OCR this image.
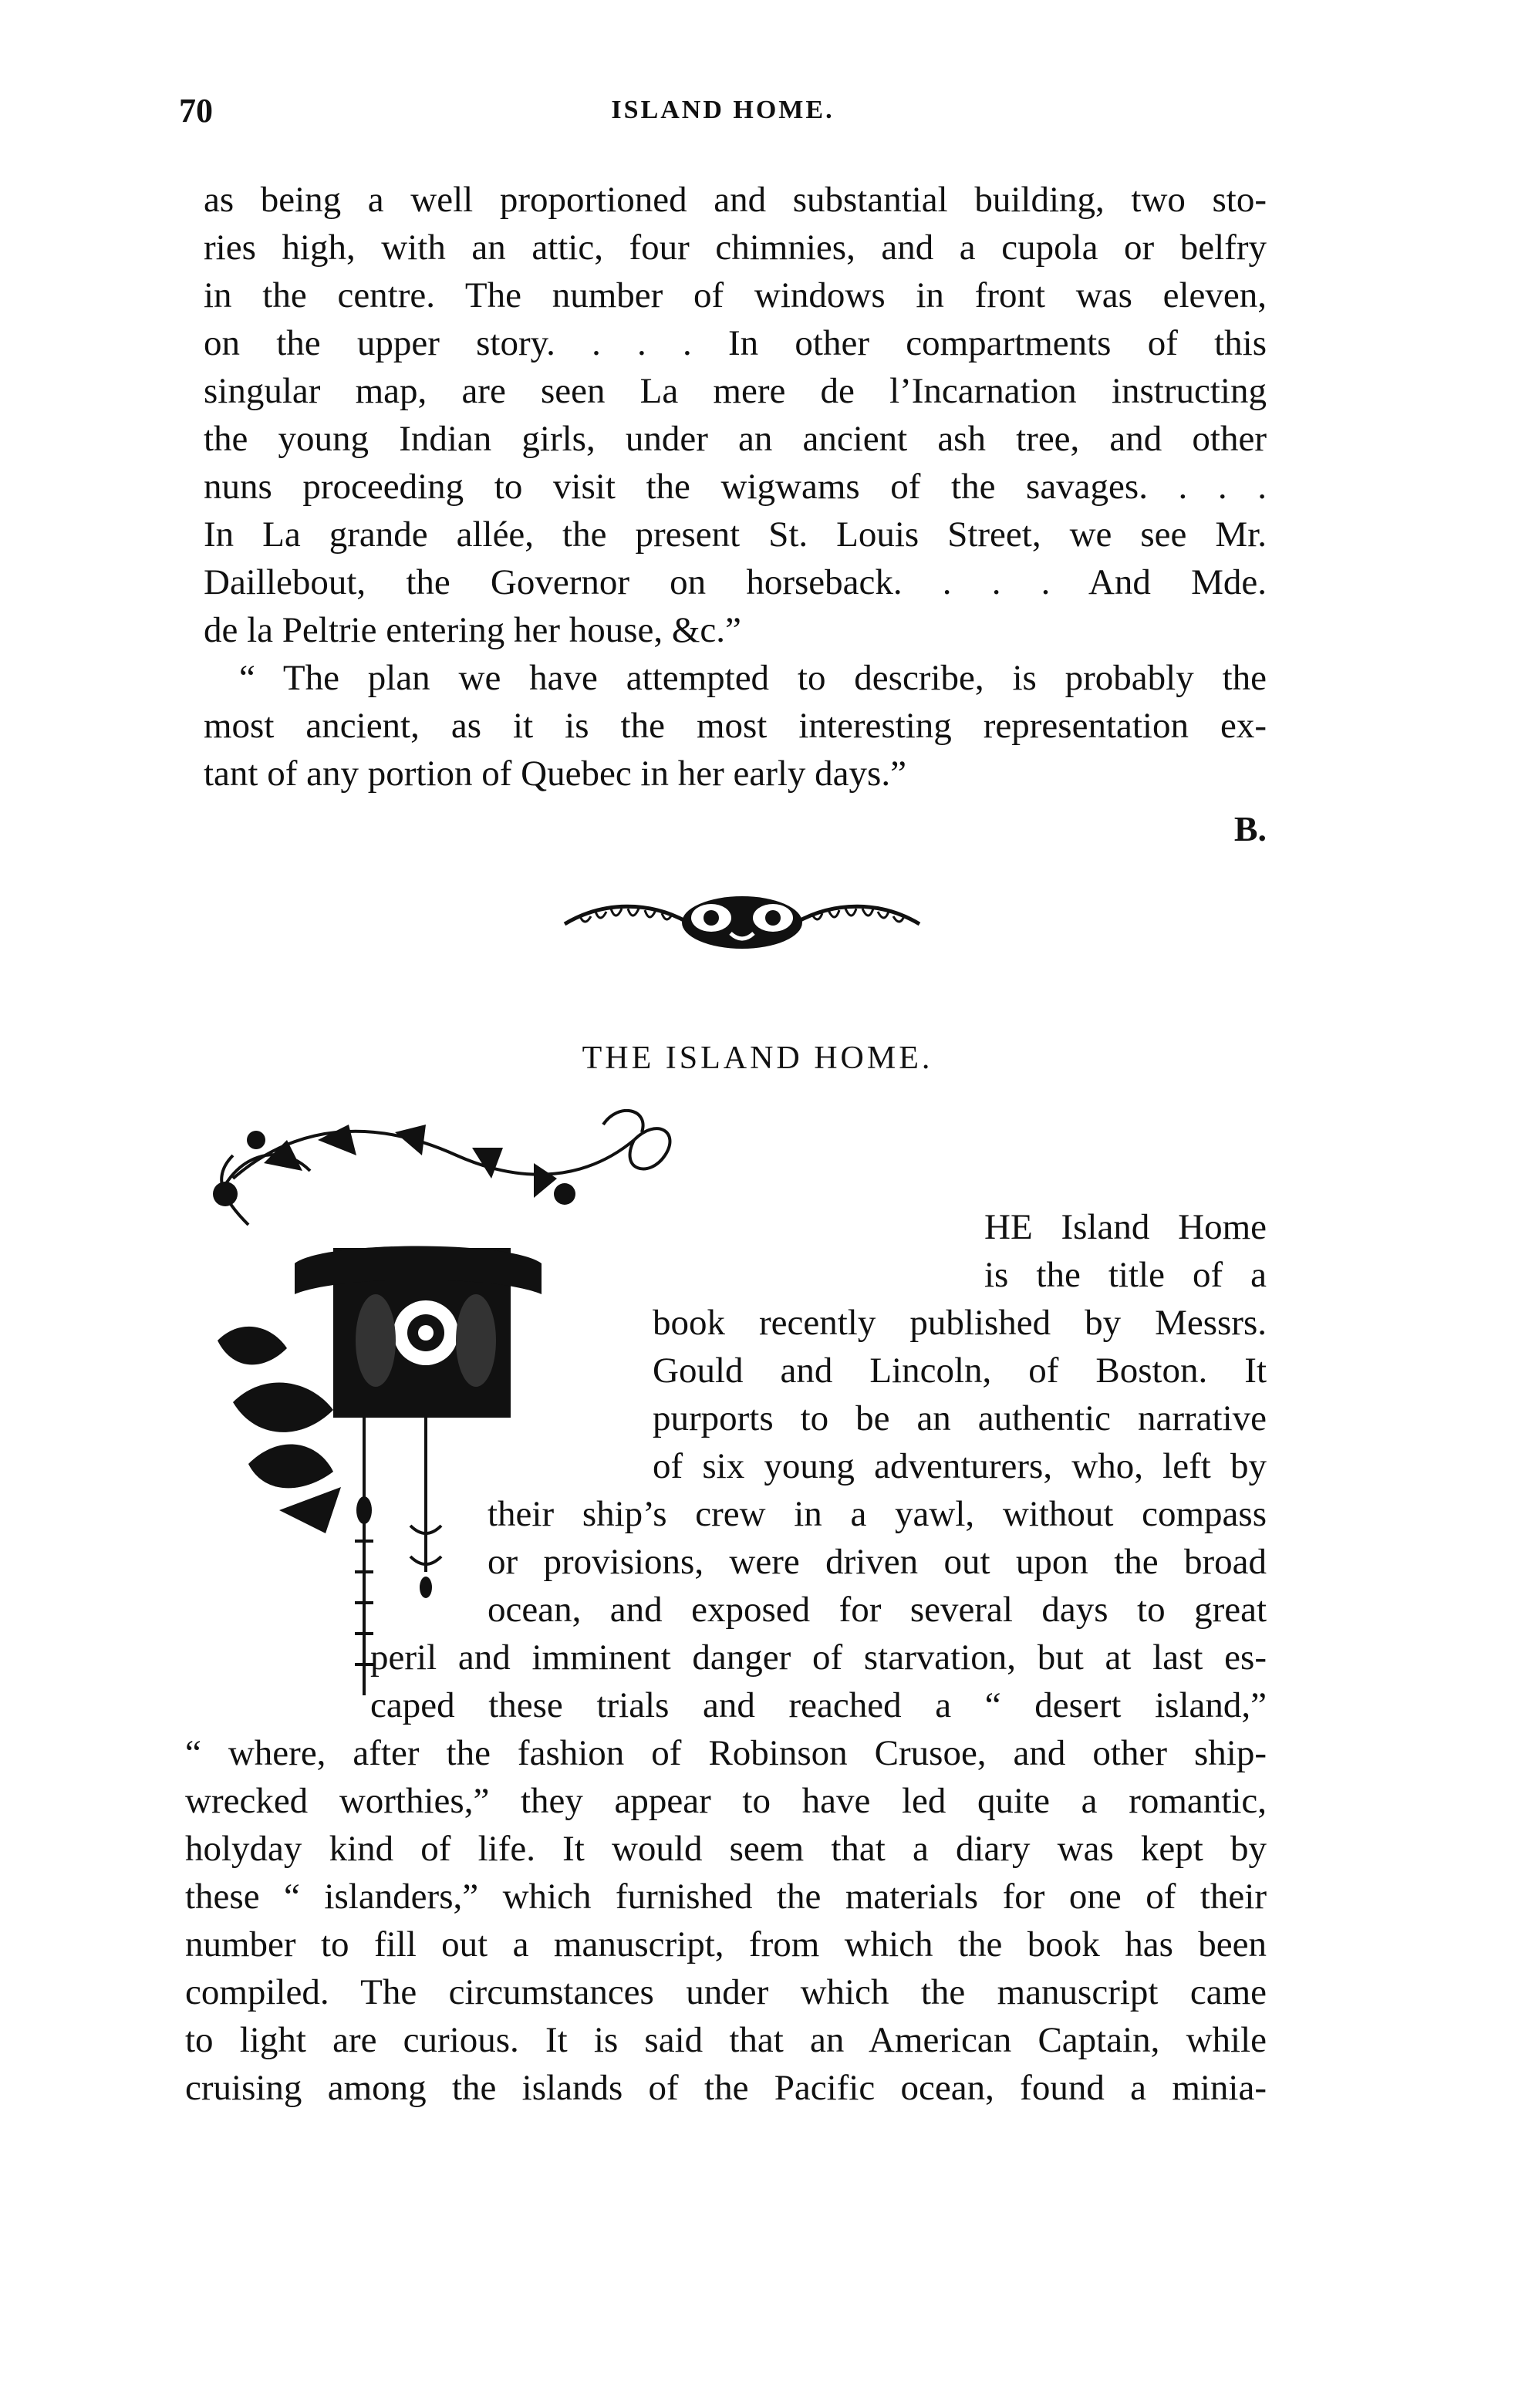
70	ISLAND HOME.
as being a well proportioned and substantial building, two sto-
ries high, with an attic, four chimnies, and a cupola or belfry
in the centre. The number of windows in front was eleven,
on the upper story. . . . In other compartments of this
singular map, are seen La mere de l’Incarnation instructing
the young Indian girls, under an ancient ash tree, and other
nuns proceeding to visit the wigwams of the savages. . . .
In La grande allée, the present St. Louis Street, we see Mr.
Daillebout, the Governor on horseback. . . . And Mde.
de la Peltrie entering her house, &c.”
“ The plan we have attempted to describe, is probably the
most ancient, as it is the most interesting representation ex-
tant of any portion of Quebec in her early days.”
B.
THE ISLAND HOME.
HE Island Home
is the title of a
book recently published by Messrs.
Gould and Lincoln, of Boston. It
purports to be an authentic narrative
of six young adventurers, who, left by
their ship’s crew in a yawl, without compass
or provisions, were driven out upon the broad
ocean, and exposed for several days to great
peril and imminent danger of starvation, but at last es-
caped these trials and reached a “ desert island,”
“ where, after the fashion of Robinson Crusoe, and other ship-
wrecked worthies,” they appear to have led quite a romantic,
holyday kind of life. It would seem that a diary was kept by
these “ islanders,” which furnished the materials for one of their
number to fill out a manuscript, from which the book has been
compiled. The circumstances under which the manuscript came
to light are curious. It is said that an American Captain, while
cruising among the islands of the Pacific ocean, found a minia-
